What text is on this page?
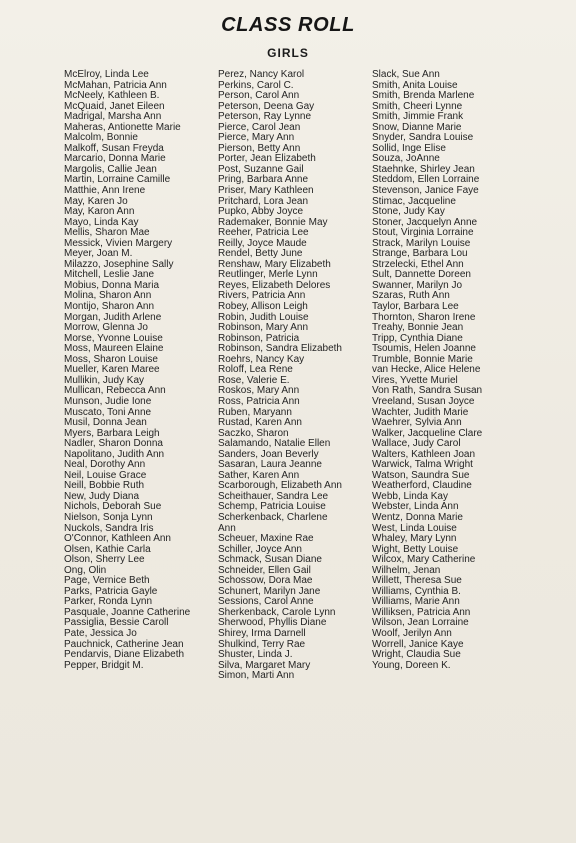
CLASS ROLL
GIRLS
McElroy, Linda Lee
McMahan, Patricia Ann
McNeely, Kathleen B.
McQuaid, Janet Eileen
Madrigal, Marsha Ann
Maheras, Antionette Marie
Malcolm, Bonnie
Malkoff, Susan Freyda
Marcario, Donna Marie
Margolis, Callie Jean
Martin, Lorraine Camille
Matthie, Ann Irene
May, Karen Jo
May, Karon Ann
Mayo, Linda Kay
Mellis, Sharon Mae
Messick, Vivien Margery
Meyer, Joan M.
Milazzo, Josephine Sally
Mitchell, Leslie Jane
Mobius, Donna Maria
Molina, Sharon Ann
Montijo, Sharon Ann
Morgan, Judith Arlene
Morrow, Glenna Jo
Morse, Yvonne Louise
Moss, Maureen Elaine
Moss, Sharon Louise
Mueller, Karen Maree
Mullikin, Judy Kay
Mullican, Rebecca Ann
Munson, Judie Ione
Muscato, Toni Anne
Musil, Donna Jean
Myers, Barbara Leigh
Nadler, Sharon Donna
Napolitano, Judith Ann
Neal, Dorothy Ann
Neil, Louise Grace
Neill, Bobbie Ruth
New, Judy Diana
Nichols, Deborah Sue
Nielson, Sonja Lynn
Nuckols, Sandra Iris
O'Connor, Kathleen Ann
Olsen, Kathie Carla
Olson, Sherry Lee
Ong, Olin
Page, Vernice Beth
Parks, Patricia Gayle
Parker, Ronda Lynn
Pasquale, Joanne Catherine
Passiglia, Bessie Caroll
Pate, Jessica Jo
Pauchnick, Catherine Jean
Pendarvis, Diane Elizabeth
Pepper, Bridgit M.
Perez, Nancy Karol
Perkins, Carol C.
Person, Carol Ann
Peterson, Deena Gay
Peterson, Ray Lynne
Pierce, Carol Jean
Pierce, Mary Ann
Pierson, Betty Ann
Porter, Jean Elizabeth
Post, Suzanne Gail
Pring, Barbara Anne
Priser, Mary Kathleen
Pritchard, Lora Jean
Pupko, Abby Joyce
Rademaker, Bonnie May
Reeher, Patricia Lee
Reilly, Joyce Maude
Rendel, Betty June
Renshaw, Mary Elizabeth
Reutlinger, Merle Lynn
Reyes, Elizabeth Delores
Rivers, Patricia Ann
Robey, Allison Leigh
Robin, Judith Louise
Robinson, Mary Ann
Robinson, Patricia
Robinson, Sandra Elizabeth
Roehrs, Nancy Kay
Roloff, Lea Rene
Rose, Valerie E.
Roskos, Mary Ann
Ross, Patricia Ann
Ruben, Maryann
Rustad, Karen Ann
Saczko, Sharon
Salamando, Natalie Ellen
Sanders, Joan Beverly
Sasaran, Laura Jeanne
Sather, Karen Ann
Scarborough, Elizabeth Ann
Scheithauer, Sandra Lee
Schemp, Patricia Louise
Scherkenback, Charlene
Ann
Scheuer, Maxine Rae
Schiller, Joyce Ann
Schmack, Susan Diane
Schneider, Ellen Gail
Schossow, Dora Mae
Schunert, Marilyn Jane
Sessions, Carol Anne
Sherkenback, Carole Lynn
Sherwood, Phyllis Diane
Shirey, Irma Darnell
Shulkind, Terry Rae
Shuster, Linda J.
Silva, Margaret Mary
Simon, Marti Ann
Slack, Sue Ann
Smith, Anita Louise
Smith, Brenda Marlene
Smith, Cheeri Lynne
Smith, Jimmie Frank
Snow, Dianne Marie
Snyder, Sandra Louise
Sollid, Inge Elise
Souza, JoAnne
Staehnke, Shirley Jean
Steddom, Ellen Lorraine
Stevenson, Janice Faye
Stimac, Jacqueline
Stone, Judy Kay
Stoner, Jacquelyn Anne
Stout, Virginia Lorraine
Strack, Marilyn Louise
Strange, Barbara Lou
Strzelecki, Ethel Ann
Sult, Dannette Doreen
Swanner, Marilyn Jo
Szaras, Ruth Ann
Taylor, Barbara Lee
Thornton, Sharon Irene
Treahy, Bonnie Jean
Tripp, Cynthia Diane
Tsoumis, Helen Joanne
Trumble, Bonnie Marie
van Hecke, Alice Helene
Vires, Yvette Muriel
Von Rath, Sandra Susan
Vreeland, Susan Joyce
Wachter, Judith Marie
Waehrer, Sylvia Ann
Walker, Jacqueline Clare
Wallace, Judy Carol
Walters, Kathleen Joan
Warwick, Talma Wright
Watson, Saundra Sue
Weatherford, Claudine
Webb, Linda Kay
Webster, Linda Ann
Wentz, Donna Marie
West, Linda Louise
Whaley, Mary Lynn
Wight, Betty Louise
Wilcox, Mary Catherine
Wilhelm, Jenan
Willett, Theresa Sue
Williams, Cynthia B.
Williams, Marie Ann
Williksen, Patricia Ann
Wilson, Jean Lorraine
Woolf, Jerilyn Ann
Worrell, Janice Kaye
Wright, Claudia Sue
Young, Doreen K.
